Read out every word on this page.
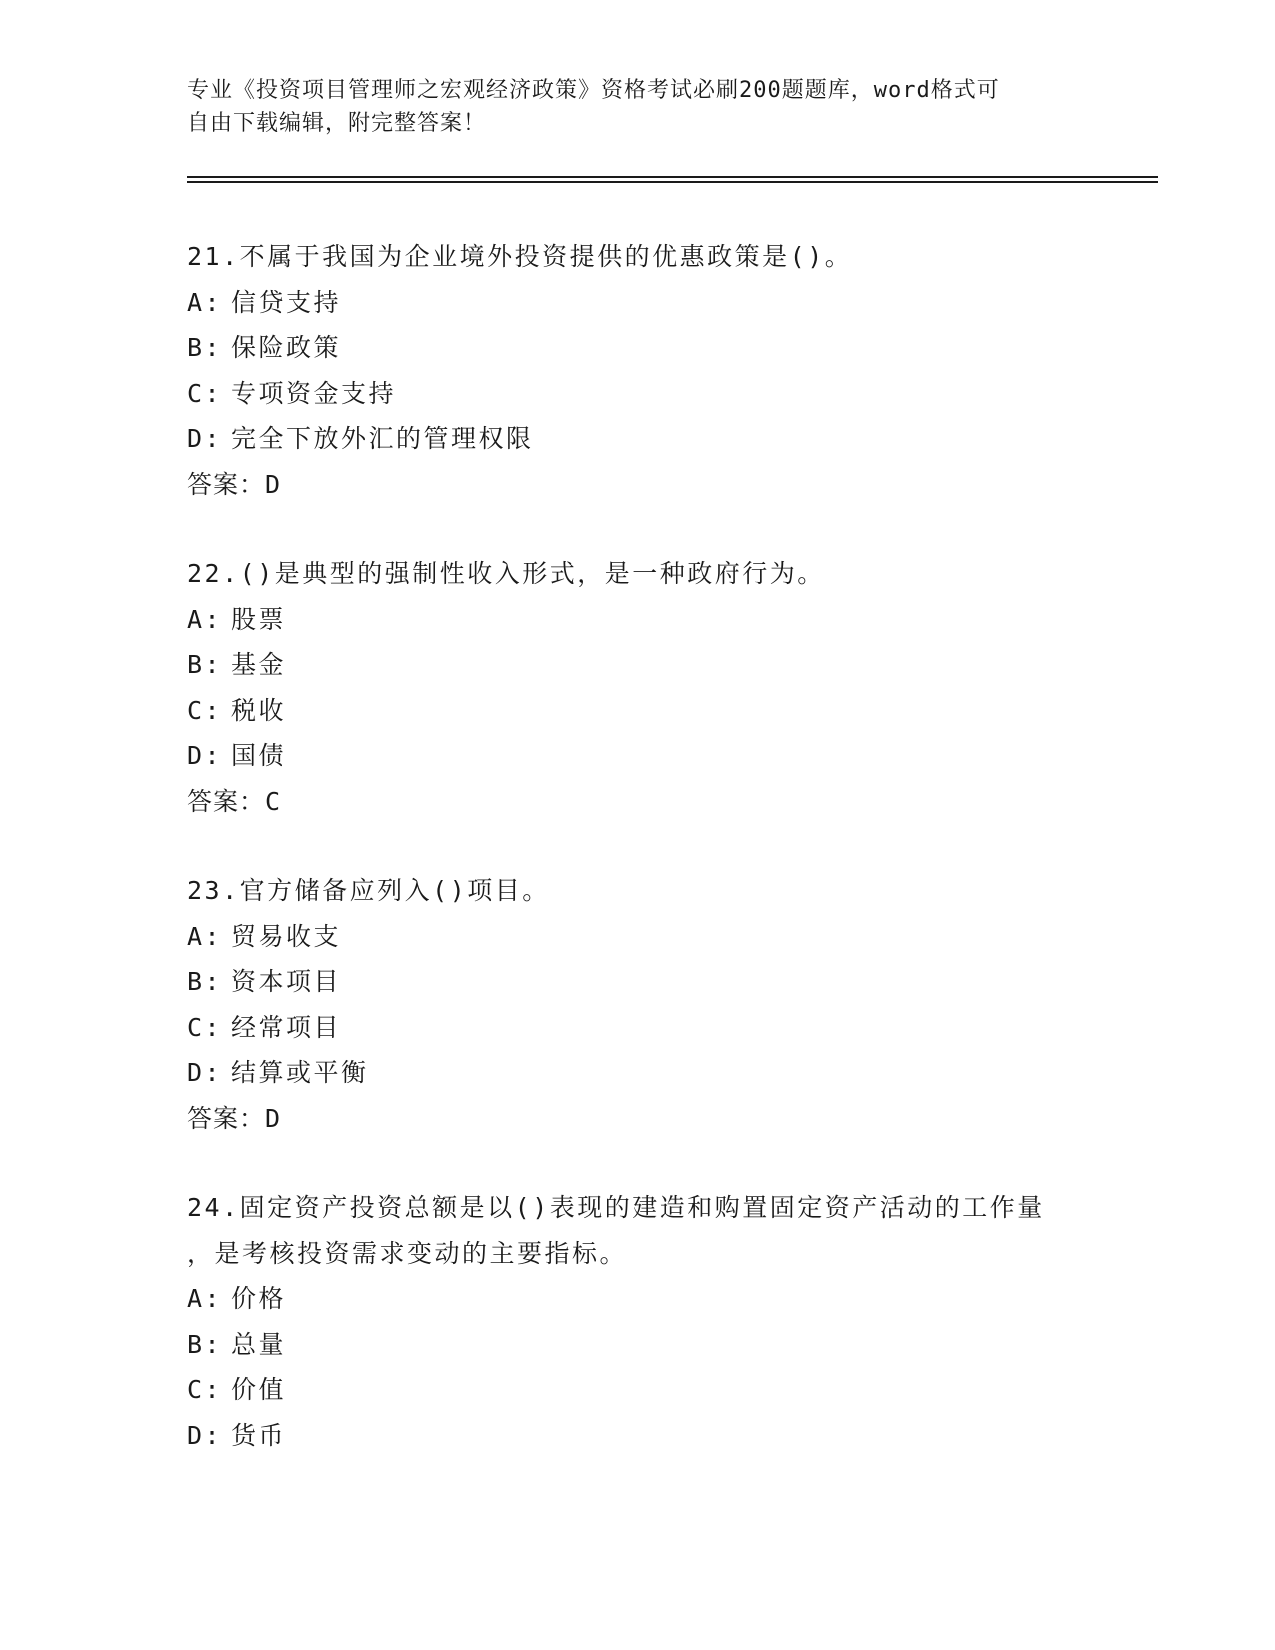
专业《投资项目管理师之宏观经济政策》资格考试必刷200题题库，word格式可
自由下载编辑，附完整答案！
21.不属于我国为企业境外投资提供的优惠政策是()。
A: 信贷支持
B: 保险政策
C: 专项资金支持
D: 完全下放外汇的管理权限
答案：D
22.()是典型的强制性收入形式，是一种政府行为。
A: 股票
B: 基金
C: 税收
D: 国债
答案：C
23.官方储备应列入()项目。
A: 贸易收支
B: 资本项目
C: 经常项目
D: 结算或平衡
答案：D
24.固定资产投资总额是以()表现的建造和购置固定资产活动的工作量
，是考核投资需求变动的主要指标。
A: 价格
B: 总量
C: 价值
D: 货币
